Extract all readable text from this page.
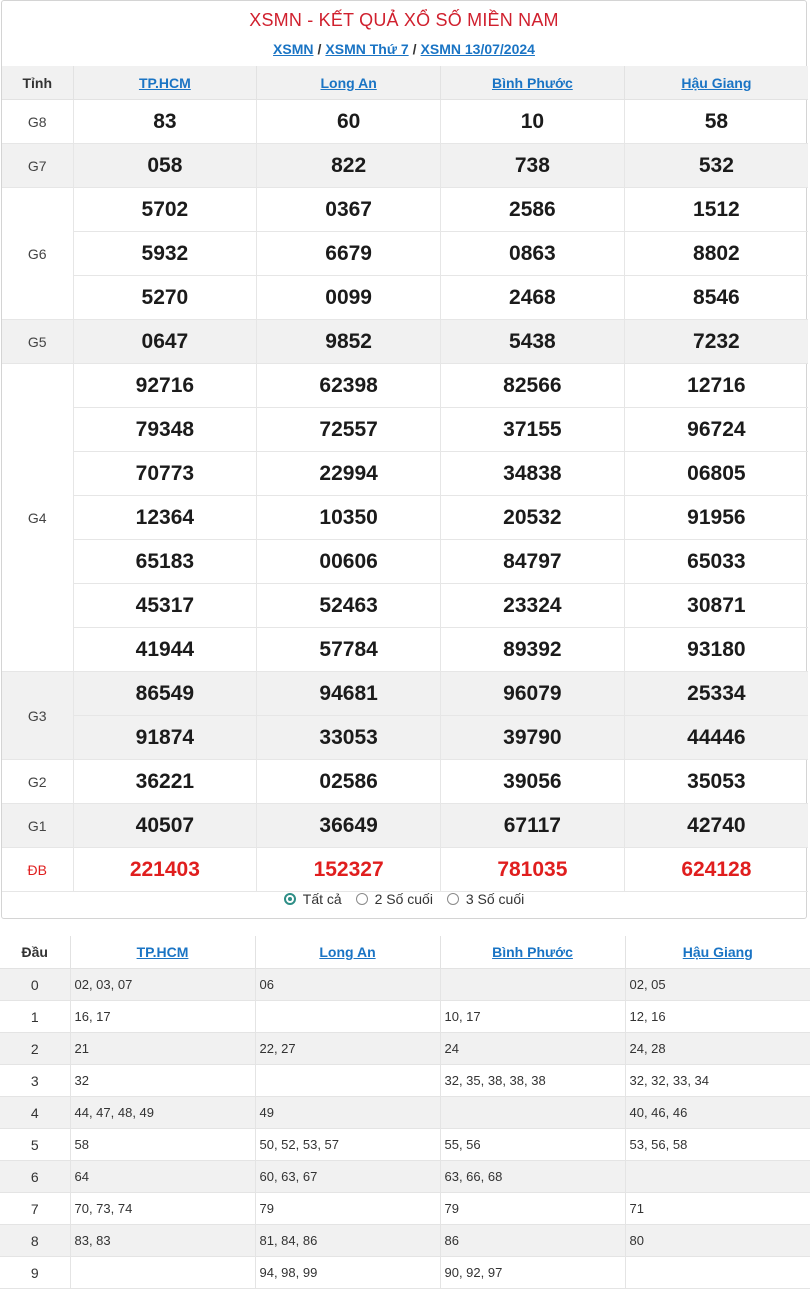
XSMN - KẾT QUẢ XỔ SỐ MIỀN NAM
XSMN / XSMN Thứ 7 / XSMN 13/07/2024
Tỉnh	TP.HCM	Long An	Bình Phước	Hậu Giang
G8	83	60	10	58
G7	058	822	738	532
G6	5702	0367	2586	1512
	5932	6679	0863	8802
	5270	0099	2468	8546
G5	0647	9852	5438	7232
G4	92716	62398	82566	12716
	79348	72557	37155	96724
	70773	22994	34838	06805
	12364	10350	20532	91956
	65183	00606	84797	65033
	45317	52463	23324	30871
	41944	57784	89392	93180
G3	86549	94681	96079	25334
	91874	33053	39790	44446
G2	36221	02586	39056	35053
G1	40507	36649	67117	42740
ĐB	221403	152327	781035	624128
Tất cả
2 Số cuối
3 Số cuối
Đầu	TP.HCM	Long An	Bình Phước	Hậu Giang
0	02, 03, 07	06		02, 05
1	16, 17		10, 17	12, 16
2	21	22, 27	24	24, 28
3	32		32, 35, 38, 38, 38	32, 32, 33, 34
4	44, 47, 48, 49	49		40, 46, 46
5	58	50, 52, 53, 57	55, 56	53, 56, 58
6	64	60, 63, 67	63, 66, 68	
7	70, 73, 74	79	79	71
8	83, 83	81, 84, 86	86	80
9		94, 98, 99	90, 92, 97	
